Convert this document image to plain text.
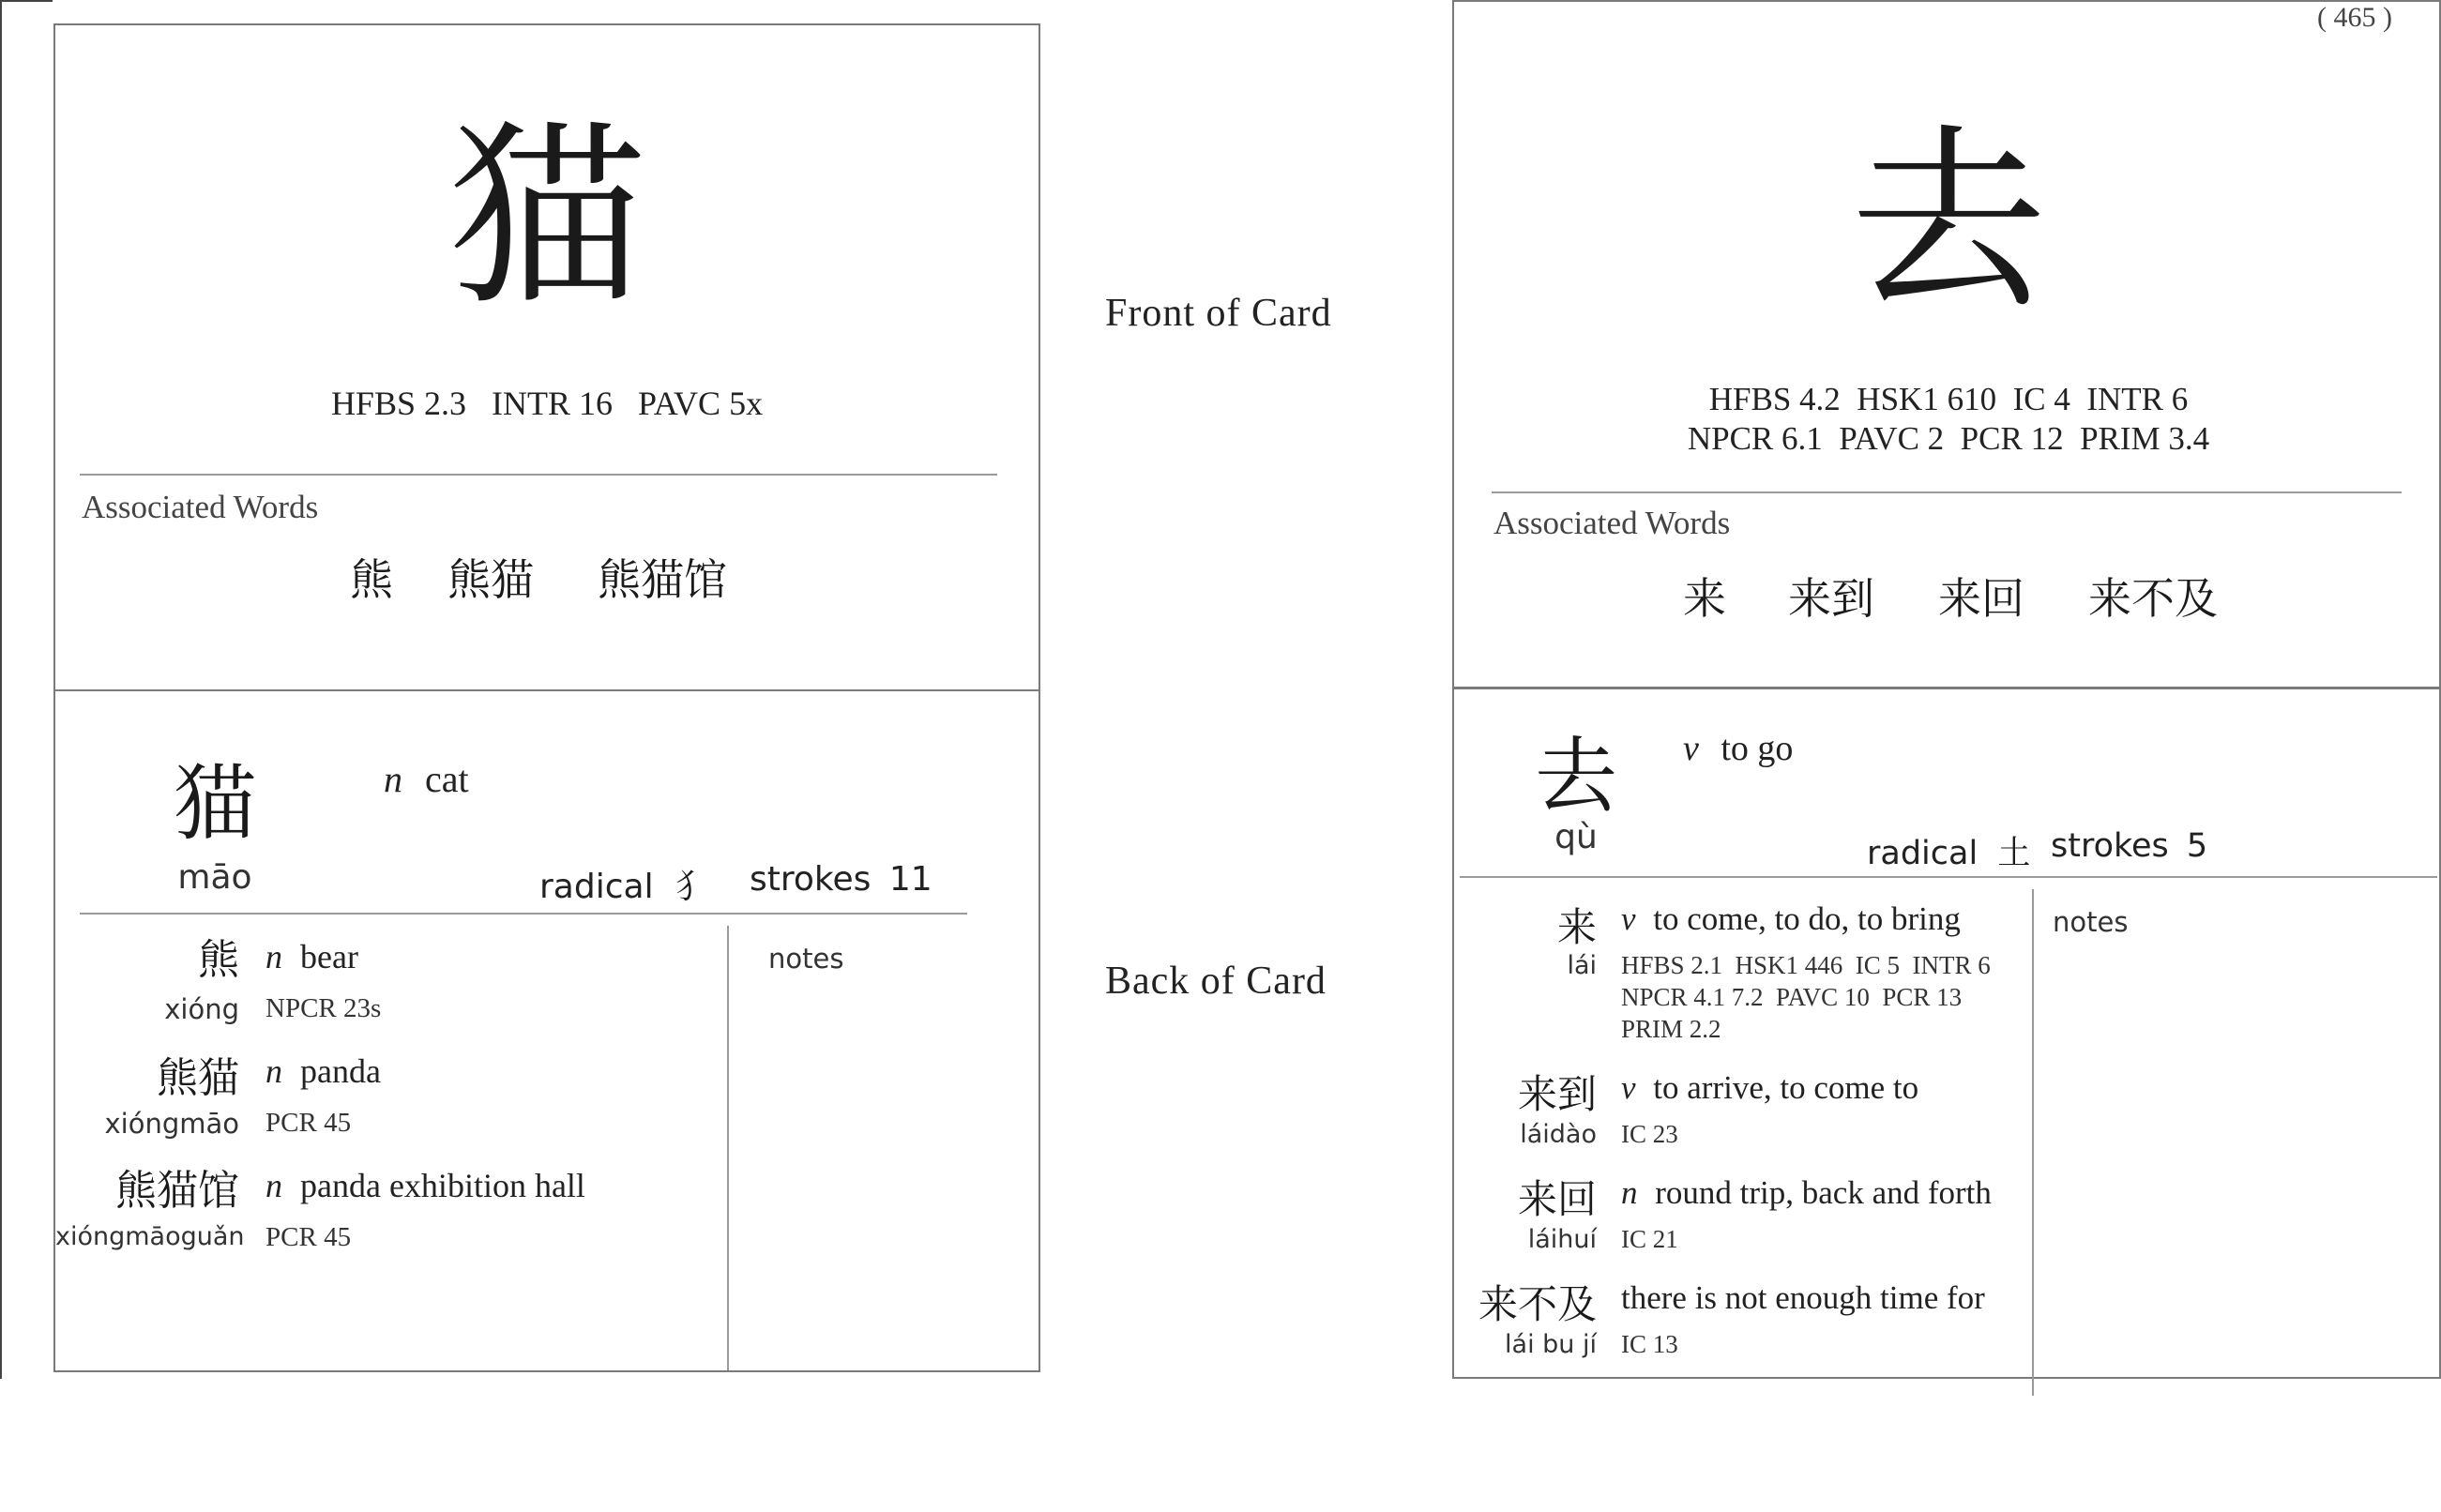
( 465 )
Front of Card
Back of Card
猫
HFBS 2.3   INTR 16   PAVC 5x
Associated Words
熊 熊猫 熊猫馆
猫
māo
n cat
radical 犭 strokes 11
notes
熊 n bear
xióng NPCR 23s
熊猫 n panda
xióngmāo PCR 45
熊猫馆 n panda exhibition hall
xióngmāoguǎn PCR 45
去
HFBS 4.2  HSK1 610  IC 4  INTR 6
NPCR 6.1  PAVC 2  PCR 12  PRIM 3.4
Associated Words
来 来到 来回 来不及
去
qù
v to go
radical 土 strokes 5
notes
来 v to come, to do, to bring
lái HFBS 2.1  HSK1 446  IC 5  INTR 6
NPCR 4.1 7.2  PAVC 10  PCR 13
PRIM 2.2
来到 v to arrive, to come to
láidào IC 23
来回 n round trip, back and forth
láihuí IC 21
来不及 there is not enough time for
lái bu jí IC 13
